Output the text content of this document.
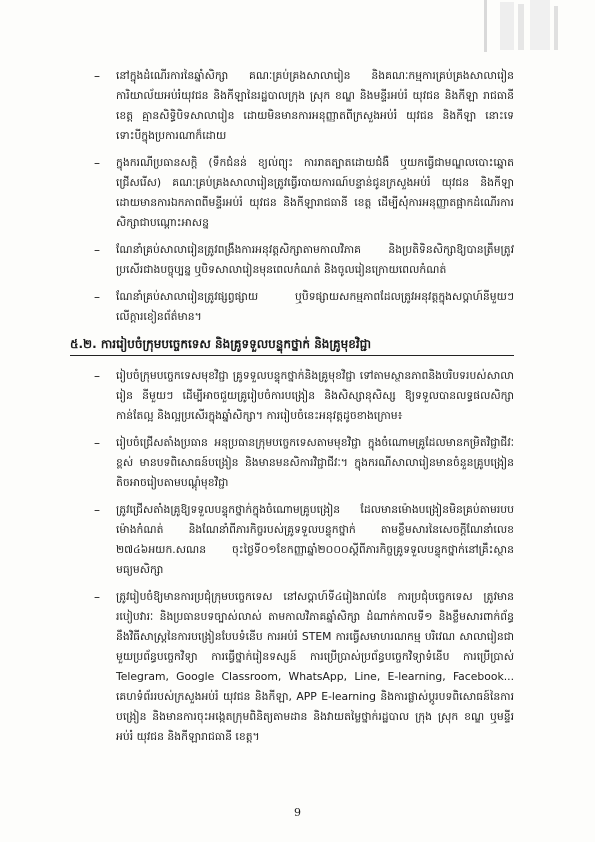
– នៅក្នុងដំណើរការនៃឆ្នាំសិក្សា គណៈគ្រប់គ្រងសាលារៀន និងគណៈកម្មការគ្រប់គ្រងសាលារៀន ការិយាល័យអប់រំយុវជន និងកីឡានៃរដ្ឋបាលក្រុង ស្រុក ខណ្ឌ និងមន្ទីរអប់រំ យុវជន និងកីឡា រាជធានី ខេត្ត គ្មានសិទ្ធិបិទសាលារៀន ដោយមិនមានការអនុញ្ញាតពីក្រសួងអប់រំ យុវជន និងកីឡា នោះទេ ទោះបីក្នុងប្រការណាក៏ដោយ
– ក្នុងករណីប្រធានសក្តិ (ទឹកជំនន់ ខ្យល់ព្យុះ ការរាតត្បាតដោយជំងឺ ឬយកធ្វើជាមណ្ឌលបោះឆ្នោតជ្រើសរើស) គណៈគ្រប់គ្រងសាលារៀនត្រូវធ្វើរបាយការណ៍បន្ទាន់ជូនក្រសួងអប់រំ យុវជន និងកីឡា ដោយមានការឯកភាពពីមន្ទីរអប់រំ យុវជន និងកីឡារាជធានី ខេត្ត ដើម្បីសុំការអនុញ្ញាតផ្អាកដំណើរការសិក្សាជាបណ្តោះអាសន្ន
– ណែនាំគ្រប់សាលារៀនត្រូវពង្រឹងការអនុវត្តសិក្សាតាមកាលវិភាគ និងប្រតិទិនសិក្សាឱ្យបានត្រឹមត្រូវប្រសើរជាងបច្ចុប្បន្ន ឬបិទសាលារៀនមុនពេលកំណត់ និងចូលរៀនក្រោយពេលកំណត់
– ណែនាំគ្រប់សាលារៀនត្រូវផ្សព្វផ្សាយ ឬបិទផ្សាយសកម្មភាពដែលត្រូវអនុវត្តក្នុងសប្តាហ៍នីមួយៗលើក្តារខៀនព័ត៌មាន។
៥.២. ការរៀបចំក្រុមបច្ចេកទេស និងគ្រូទទួលបន្ទុកថ្នាក់ និងគ្រូមុខវិជ្ជា
– រៀបចំក្រុមបច្ចេកទេសមុខវិជ្ជា គ្រូទទួលបន្ទុកថ្នាក់និងគ្រូមុខវិជ្ជា ទៅតាមស្ថានភាពនិងបរិបទរបស់សាលារៀន នីមួយៗ ដើម្បីអាចជួយគ្រូរៀបចំការបង្រៀន និងសិស្សានុសិស្ស ឱ្យទទួលបានលទ្ធផលសិក្សាកាន់តែល្អ និងល្អប្រសើរក្នុងឆ្នាំសិក្សា។ ការរៀបចំនេះអនុវត្តដូចខាងក្រោម៖
– រៀបចំជ្រើសតាំងប្រធាន អនុប្រធានក្រុមបច្ចេកទេសតាមមុខវិជ្ជា ក្នុងចំណោមគ្រូដែលមានកម្រិតវិជ្ជាជីវៈខ្ពស់ មានបទពិសោធន៍បង្រៀន និងមានមនសិការវិជ្ជាជីវៈ។ ក្នុងករណីសាលារៀនមានចំនួនគ្រូបង្រៀនតិចអាចរៀបតាមបណ្តុំមុខវិជ្ជា
– ត្រូវជ្រើសតាំងគ្រូឱ្យទទួលបន្ទុកថ្នាក់ក្នុងចំណោមគ្រូបង្រៀន ដែលមានម៉ោងបង្រៀនមិនគ្រប់តាមរបបម៉ោងកំណត់ និងណែនាំពីភារកិច្ចរបស់គ្រូទទួលបន្ទុកថ្នាក់ តាមខ្លឹមសារនៃសេចក្តីណែនាំលេខ ២៧៤៦អយក.សណន ចុះថ្ងៃទី០១ខែកញ្ញាឆ្នាំ២០០០ស្តីពីភារកិច្ចគ្រូទទួលបន្ទុកថ្នាក់នៅគ្រឹះស្ថានមធ្យមសិក្សា
– ត្រូវរៀបចំឱ្យមានការប្រជុំក្រុមបច្ចេកទេស នៅសប្តាហ៍ទី៤រៀងរាល់ខែ ការប្រជុំបច្ចេកទេស ត្រូវមានរបៀបវារៈ និងប្រធានបទច្បាស់លាស់ តាមកាលវិភាគឆ្នាំសិក្សា ដំណាក់កាលទី១ និងខ្លឹមសារពាក់ព័ន្ធនឹងវិធីសាស្ត្រនៃការបង្រៀនបែបទំនើប ការអប់រំ STEM ការធ្វើសមាហរណកម្ម បរិវេណ សាលារៀនជាមួយប្រព័ន្ធបច្ចេកវិទ្យា ការធ្វើថ្នាក់រៀនទស្សន៍ ការប្រើប្រាស់ប្រព័ន្ធបច្ចេកវិទ្យាទំនើប ការប្រើប្រាស់ Telegram, Google Classroom, WhatsApp, Line, E-learning, Facebook... គេហទំព័ររបស់ក្រសួងអប់រំ យុវជន និងកីឡា, APP E-learning និងការផ្លាស់ប្តូរបទពិសោធន៍នៃការបង្រៀន និងមានការចុះអង្កេតក្រុមពិនិត្យតាមដាន និងវាយតម្លៃថ្នាក់រដ្ឋបាល ក្រុង ស្រុក ខណ្ឌ ឬមន្ទីរអប់រំ យុវជន និងកីឡារាជធានី ខេត្ត។
9
